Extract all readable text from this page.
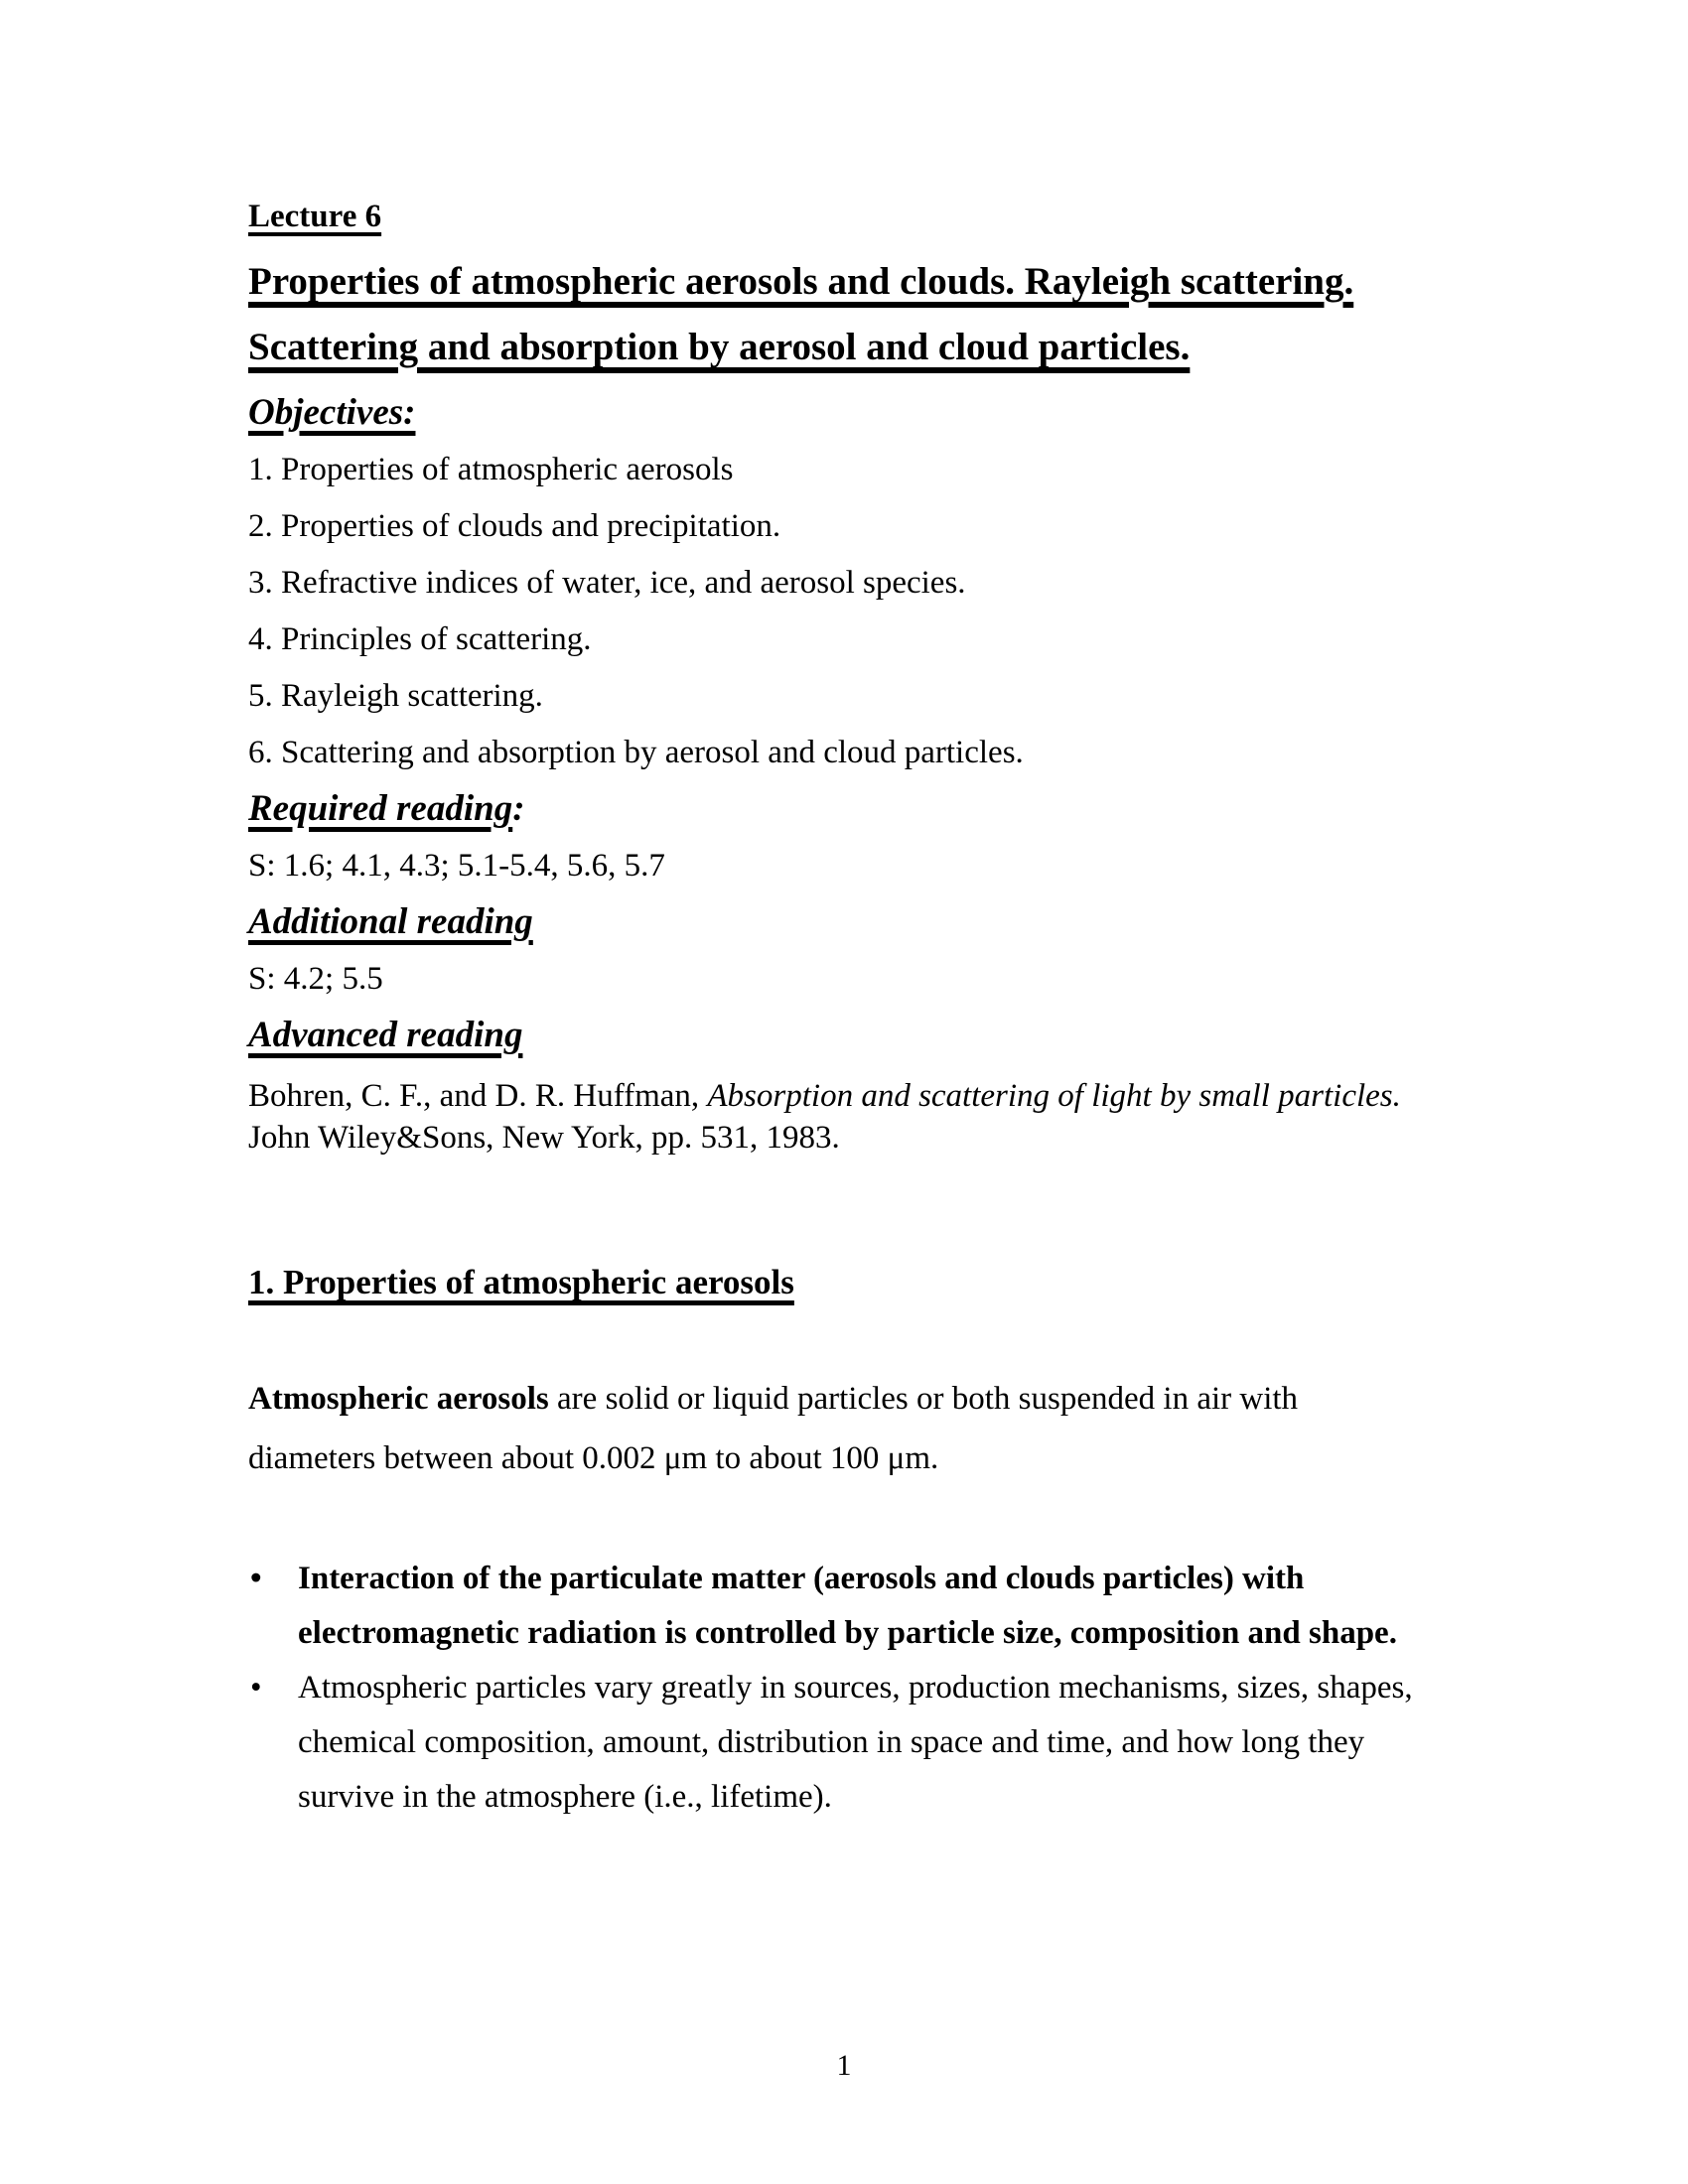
Lecture 6
Properties of atmospheric aerosols and clouds. Rayleigh scattering.
Scattering and absorption by aerosol and cloud particles.
Objectives:
1. Properties of atmospheric aerosols
2. Properties of clouds and precipitation.
3. Refractive indices of water, ice, and aerosol species.
4. Principles of scattering.
5. Rayleigh scattering.
6. Scattering and absorption by aerosol and cloud particles.
Required reading:
S: 1.6; 4.1, 4.3; 5.1-5.4, 5.6, 5.7
Additional reading
S: 4.2; 5.5
Advanced reading
Bohren, C. F., and D. R. Huffman, Absorption and scattering of light by small particles.
John Wiley&Sons, New York, pp. 531, 1983.
1. Properties of atmospheric aerosols
Atmospheric aerosols are solid or liquid particles or both suspended in air with
diameters between about 0.002 μm to about 100 μm.
• Interaction of the particulate matter (aerosols and clouds particles) with
electromagnetic radiation is controlled by particle size, composition and shape.
• Atmospheric particles vary greatly in sources, production mechanisms, sizes, shapes,
chemical composition, amount, distribution in space and time, and how long they
survive in the atmosphere (i.e., lifetime).
1
